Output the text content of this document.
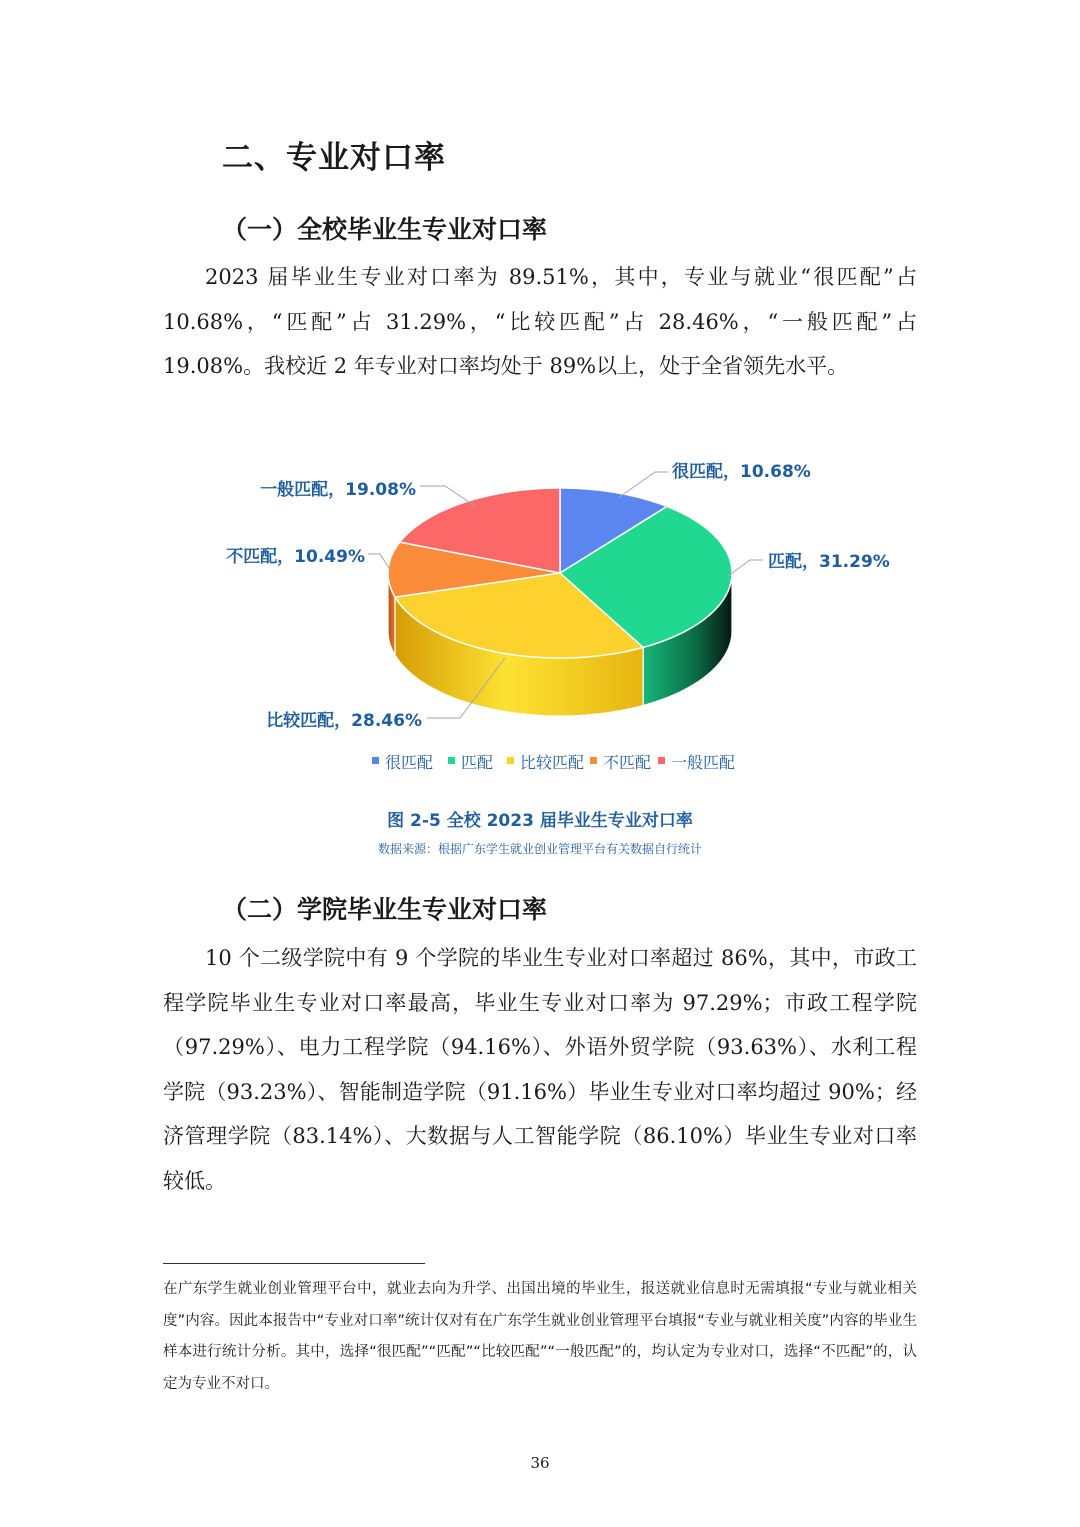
二、专业对口率
（一）全校毕业生专业对口率
2023 届毕业生专业对口率为 89.51%，其中，专业与就业“很匹配”占 10.68%，“匹配”占 31.29%，“比较匹配”占 28.46%，“一般匹配”占 19.08%。我校近 2 年专业对口率均处于 89%以上，处于全省领先水平。
很匹配，10.68%
匹配，31.29%
比较匹配，28.46%
不匹配，10.49%
一般匹配，19.08%
很匹配 匹配 比较匹配 不匹配 一般匹配
图 2-5 全校 2023 届毕业生专业对口率
数据来源：根据广东学生就业创业管理平台有关数据自行统计
（二）学院毕业生专业对口率
10 个二级学院中有 9 个学院的毕业生专业对口率超过 86%，其中，市政工程学院毕业生专业对口率最高，毕业生专业对口率为 97.29%；市政工程学院（97.29%）、电力工程学院（94.16%）、外语外贸学院（93.63%）、水利工程学院（93.23%）、智能制造学院（91.16%）毕业生专业对口率均超过 90%；经济管理学院（83.14%）、大数据与人工智能学院（86.10%）毕业生专业对口率较低。
在广东学生就业创业管理平台中，就业去向为升学、出国出境的毕业生，报送就业信息时无需填报“专业与就业相关度”内容。因此本报告中“专业对口率”统计仅对有在广东学生就业创业管理平台填报“专业与就业相关度”内容的毕业生样本进行统计分析。其中，选择“很匹配”“匹配”“比较匹配”“一般匹配”的，均认定为专业对口，选择“不匹配”的，认定为专业不对口。
36
